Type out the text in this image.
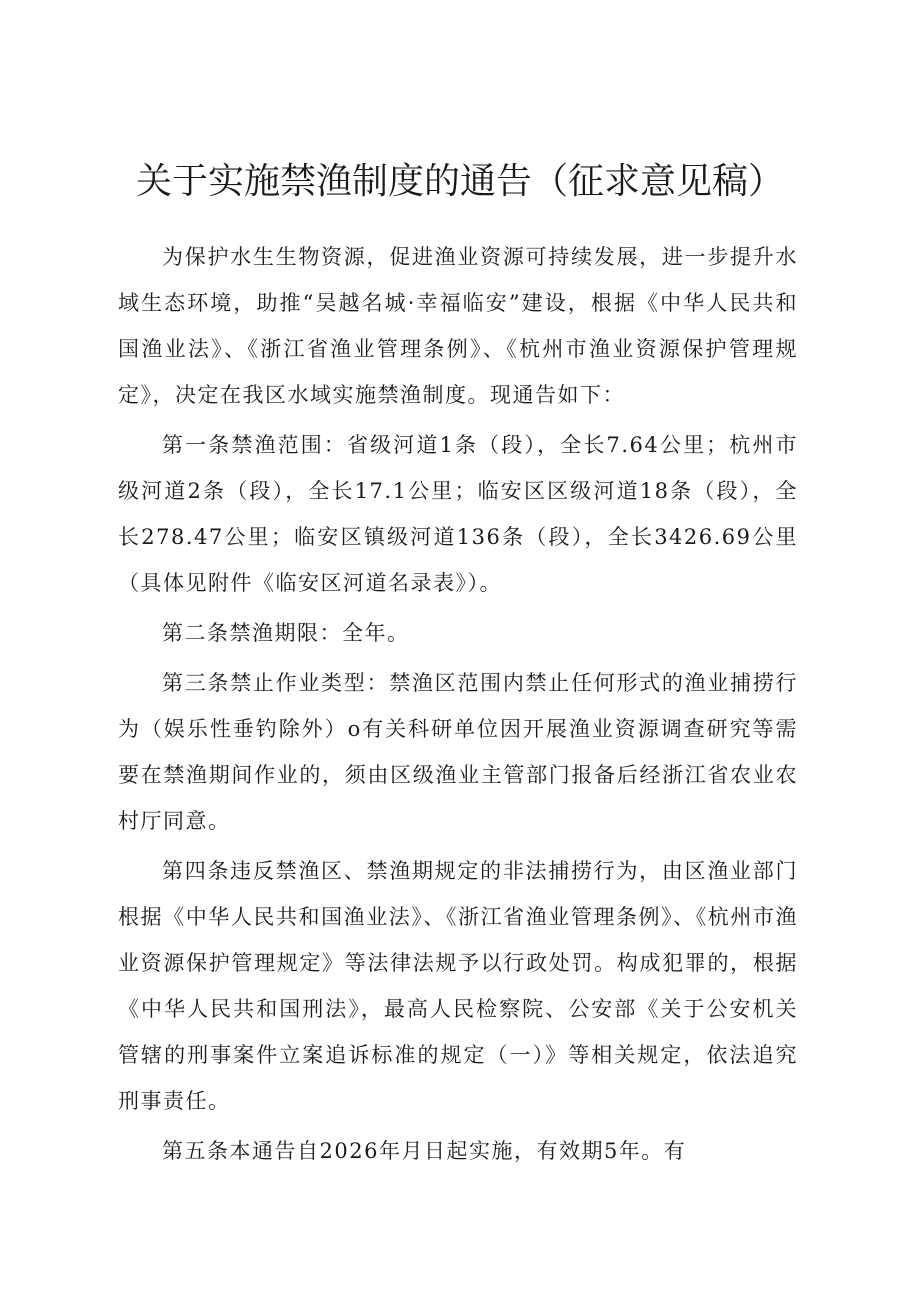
关于实施禁渔制度的通告（征求意见稿）

为保护水生生物资源，促进渔业资源可持续发展，进一步提升水域生态环境，助推“吴越名城·幸福临安”建设，根据《中华人民共和国渔业法》、《浙江省渔业管理条例》、《杭州市渔业资源保护管理规定》，决定在我区水域实施禁渔制度。现通告如下：

第一条禁渔范围：省级河道1条（段），全长7.64公里；杭州市级河道2条（段），全长17.1公里；临安区区级河道18条（段），全长278.47公里；临安区镇级河道136条（段），全长3426.69公里（具体见附件《临安区河道名录表》）。

第二条禁渔期限：全年。

第三条禁止作业类型：禁渔区范围内禁止任何形式的渔业捕捞行为（娱乐性垂钓除外）o有关科研单位因开展渔业资源调查研究等需要在禁渔期间作业的，须由区级渔业主管部门报备后经浙江省农业农村厅同意。

第四条违反禁渔区、禁渔期规定的非法捕捞行为，由区渔业部门根据《中华人民共和国渔业法》、《浙江省渔业管理条例》、《杭州市渔业资源保护管理规定》等法律法规予以行政处罚。构成犯罪的，根据《中华人民共和国刑法》，最高人民检察院、公安部《关于公安机关管辖的刑事案件立案追诉标准的规定（一）》等相关规定，依法追究刑事责任。

第五条本通告自2026年月日起实施，有效期5年。有
